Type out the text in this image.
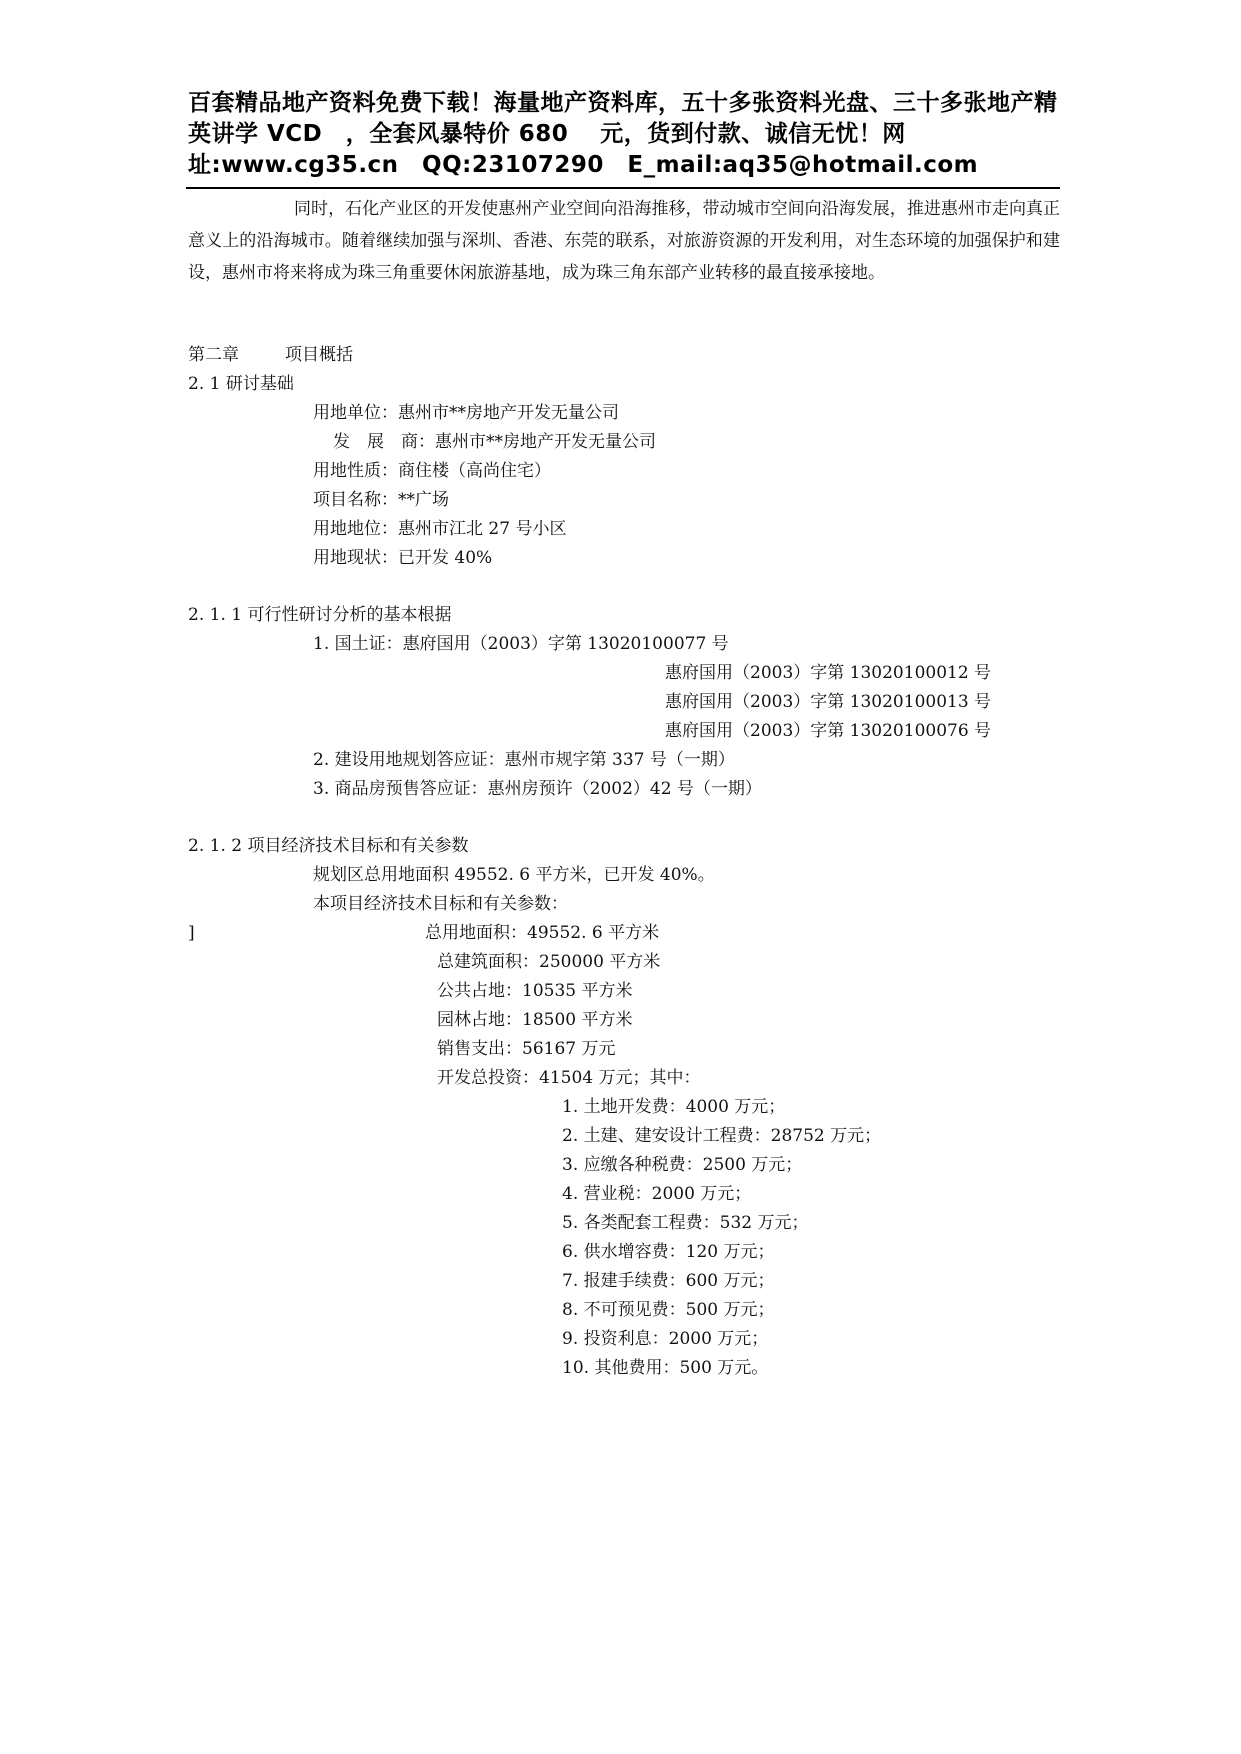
百套精品地产资料免费下载！海量地产资料库，五十多张资料光盘、三十多张地产精英讲学 VCD　，全套风暴特价 680　 元，货到付款、诚信无忧！网址:www.cg35.cn　QQ:23107290　E_mail:aq35@hotmail.com
同时，石化产业区的开发使惠州产业空间向沿海推移，带动城市空间向沿海发展，推进惠州市走向真正意义上的沿海城市。随着继续加强与深圳、香港、东莞的联系，对旅游资源的开发利用，对生态环境的加强保护和建设，惠州市将来将成为珠三角重要休闲旅游基地，成为珠三角东部产业转移的最直接承接地。
第二章	项目概括
2. 1 研讨基础
用地单位：惠州市**房地产开发无量公司
发　展　商：惠州市**房地产开发无量公司
用地性质：商住楼（高尚住宅）
项目名称：**广场
用地地位：惠州市江北 27 号小区
用地现状：已开发 40%
2. 1. 1 可行性研讨分析的基本根据
1. 国土证：惠府国用（2003）字第 13020100077 号
惠府国用（2003）字第 13020100012 号
惠府国用（2003）字第 13020100013 号
惠府国用（2003）字第 13020100076 号
2. 建设用地规划答应证：惠州市规字第 337 号（一期）
3. 商品房预售答应证：惠州房预许（2002）42 号（一期）
2. 1. 2 项目经济技术目标和有关参数
规划区总用地面积 49552. 6 平方米，已开发 40%。
本项目经济技术目标和有关参数：
]	总用地面积：49552. 6 平方米
总建筑面积：250000 平方米
公共占地：10535 平方米
园林占地：18500 平方米
销售支出：56167 万元
开发总投资：41504 万元；其中：
1. 土地开发费：4000 万元；
2. 土建、建安设计工程费：28752 万元；
3. 应缴各种税费：2500 万元；
4. 营业税：2000 万元；
5. 各类配套工程费：532 万元；
6. 供水增容费：120 万元；
7. 报建手续费：600 万元；
8. 不可预见费：500 万元；
9. 投资利息：2000 万元；
10. 其他费用：500 万元。
